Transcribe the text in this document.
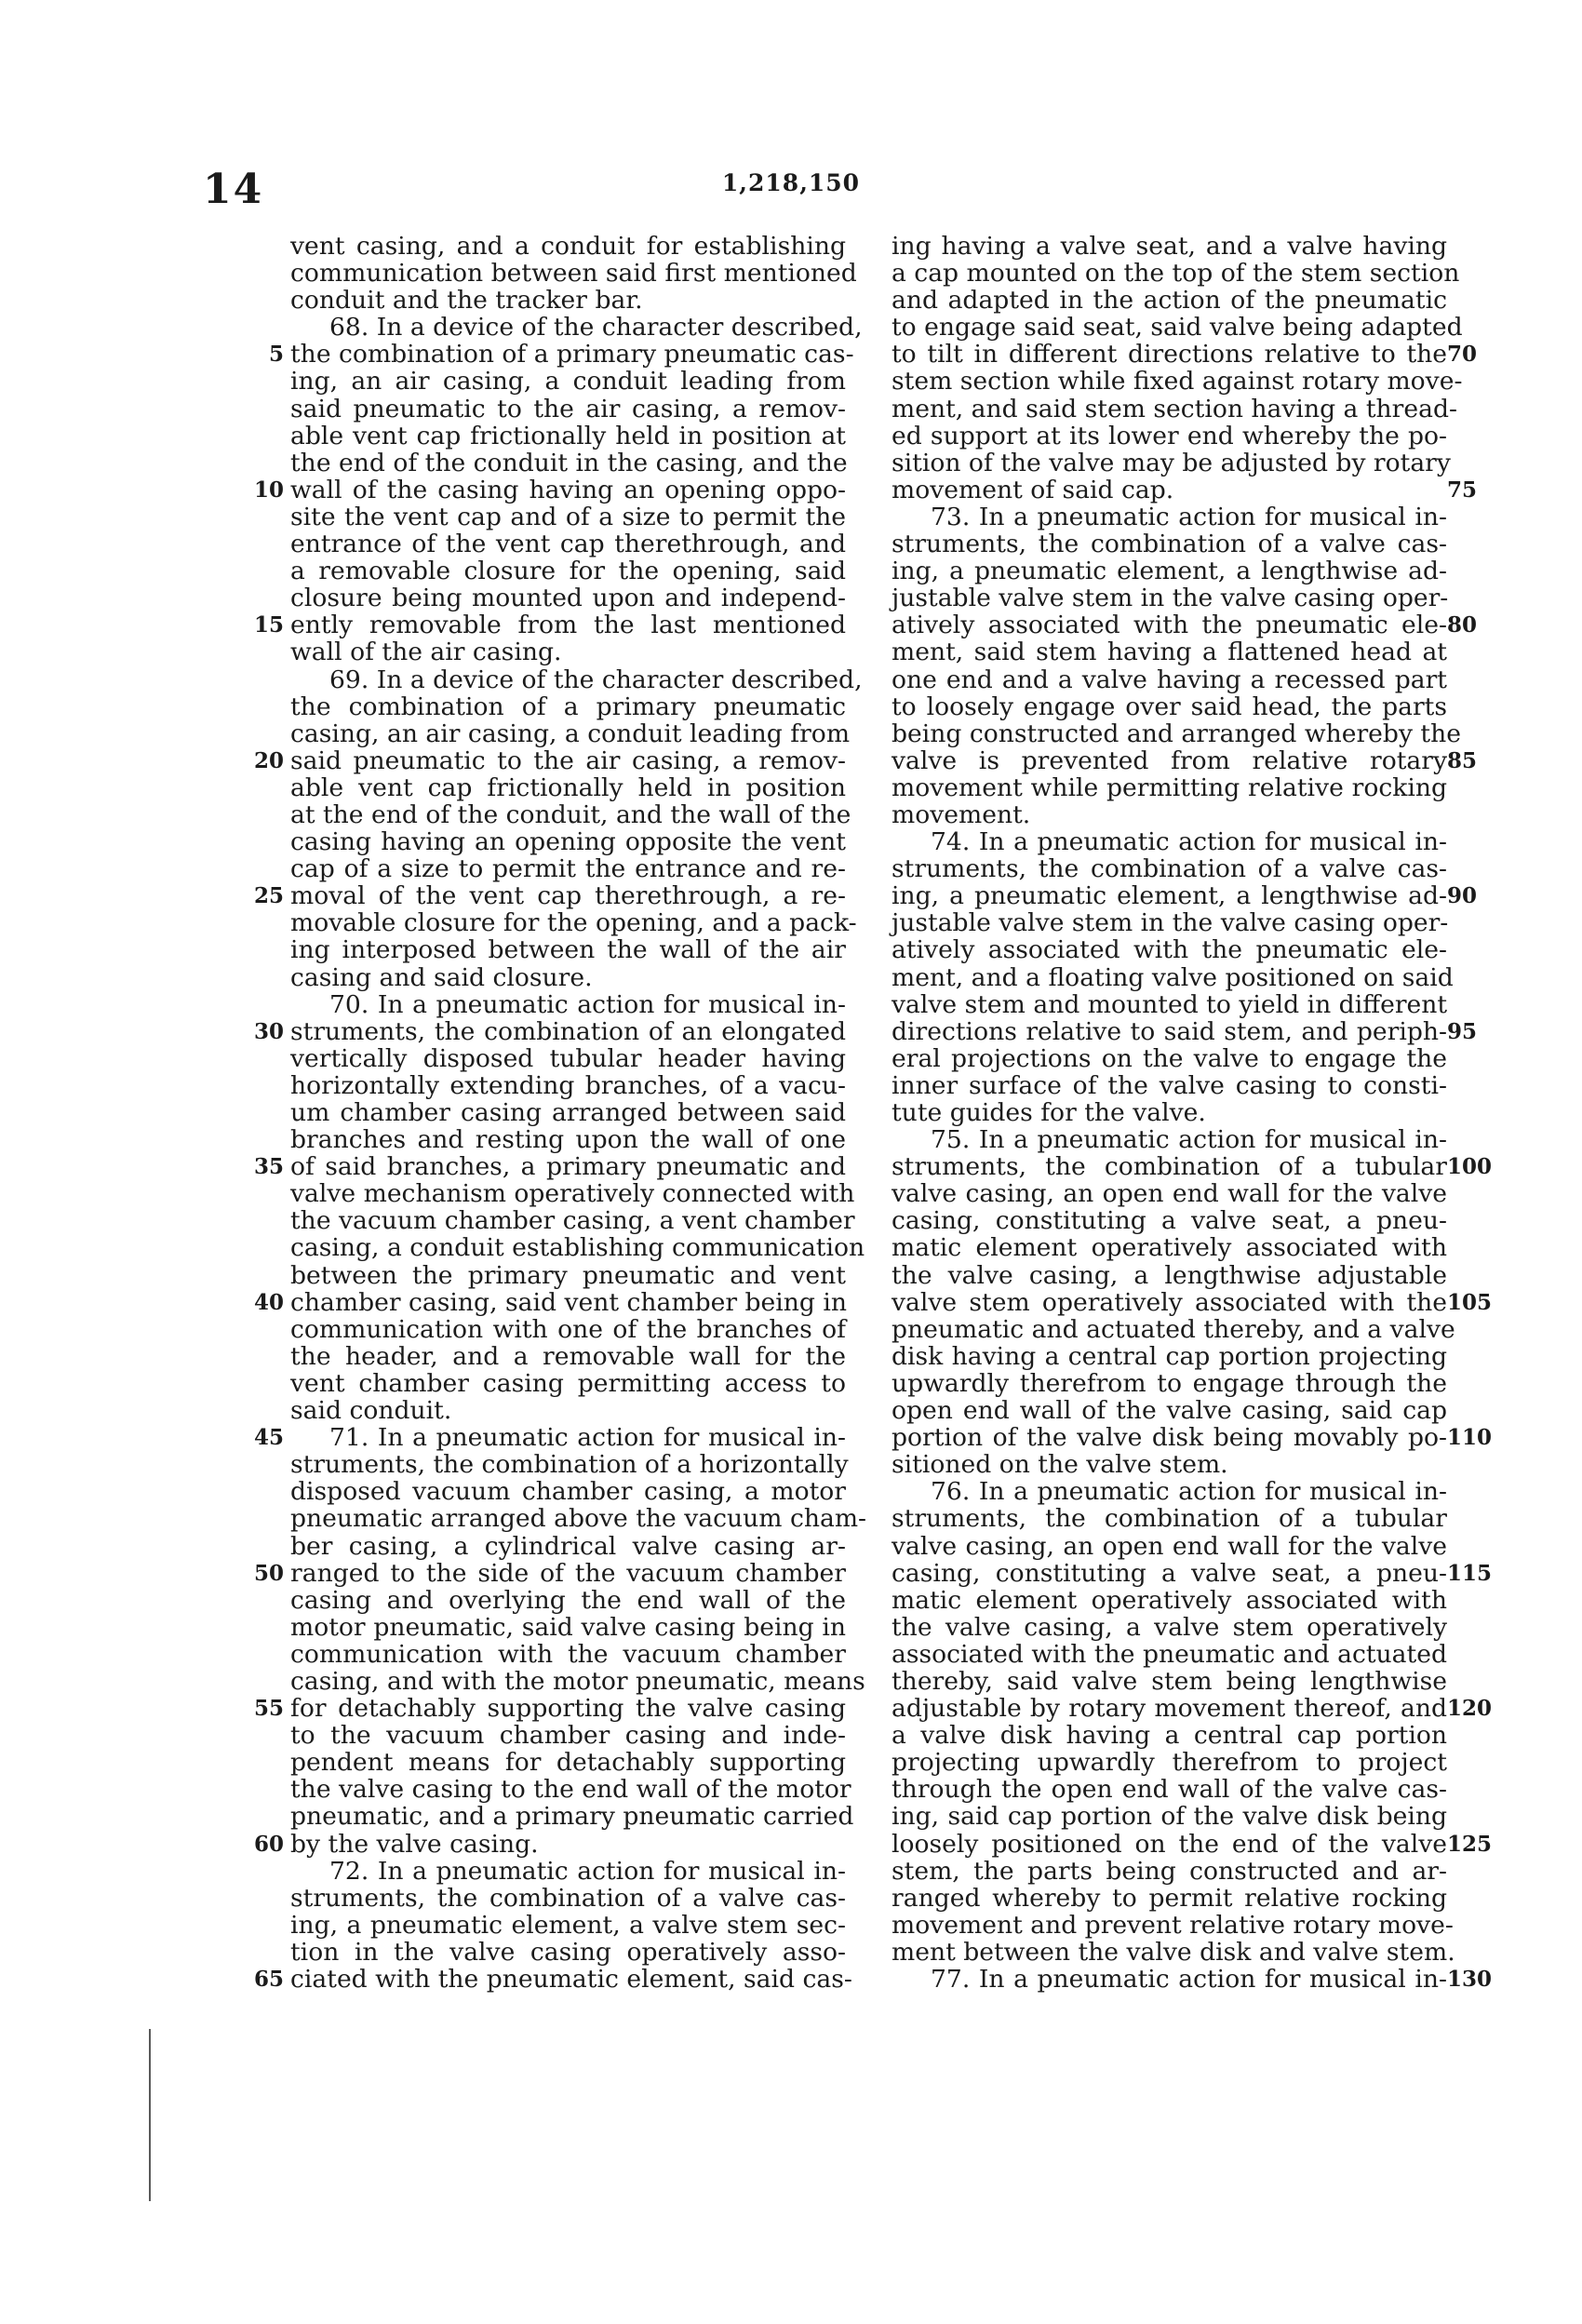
14	1,218,150
vent casing, and a conduit for establishing
communication between said first mentioned
conduit and the tracker bar.
68. In a device of the character described,
the combination of a primary pneumatic cas-
ing, an air casing, a conduit leading from
said pneumatic to the air casing, a remov-
able vent cap frictionally held in position at
the end of the conduit in the casing, and the
wall of the casing having an opening oppo-
site the vent cap and of a size to permit the
entrance of the vent cap therethrough, and
a removable closure for the opening, said
closure being mounted upon and independ-
ently removable from the last mentioned
wall of the air casing.
69. In a device of the character described,
the combination of a primary pneumatic
casing, an air casing, a conduit leading from
said pneumatic to the air casing, a remov-
able vent cap frictionally held in position
at the end of the conduit, and the wall of the
casing having an opening opposite the vent
cap of a size to permit the entrance and re-
moval of the vent cap therethrough, a re-
movable closure for the opening, and a pack-
ing interposed between the wall of the air
casing and said closure.
70. In a pneumatic action for musical in-
struments, the combination of an elongated
vertically disposed tubular header having
horizontally extending branches, of a vacu-
um chamber casing arranged between said
branches and resting upon the wall of one
of said branches, a primary pneumatic and
valve mechanism operatively connected with
the vacuum chamber casing, a vent chamber
casing, a conduit establishing communication
between the primary pneumatic and vent
chamber casing, said vent chamber being in
communication with one of the branches of
the header, and a removable wall for the
vent chamber casing permitting access to
said conduit.
71. In a pneumatic action for musical in-
struments, the combination of a horizontally
disposed vacuum chamber casing, a motor
pneumatic arranged above the vacuum cham-
ber casing, a cylindrical valve casing ar-
ranged to the side of the vacuum chamber
casing and overlying the end wall of the
motor pneumatic, said valve casing being in
communication with the vacuum chamber
casing, and with the motor pneumatic, means
for detachably supporting the valve casing
to the vacuum chamber casing and inde-
pendent means for detachably supporting
the valve casing to the end wall of the motor
pneumatic, and a primary pneumatic carried
by the valve casing.
72. In a pneumatic action for musical in-
struments, the combination of a valve cas-
ing, a pneumatic element, a valve stem sec-
tion in the valve casing operatively asso-
ciated with the pneumatic element, said cas-
ing having a valve seat, and a valve having
a cap mounted on the top of the stem section
and adapted in the action of the pneumatic
to engage said seat, said valve being adapted
to tilt in different directions relative to the
stem section while fixed against rotary move-
ment, and said stem section having a thread-
ed support at its lower end whereby the po-
sition of the valve may be adjusted by rotary
movement of said cap.
73. In a pneumatic action for musical in-
struments, the combination of a valve cas-
ing, a pneumatic element, a lengthwise ad-
justable valve stem in the valve casing oper-
atively associated with the pneumatic ele-
ment, said stem having a flattened head at
one end and a valve having a recessed part
to loosely engage over said head, the parts
being constructed and arranged whereby the
valve is prevented from relative rotary
movement while permitting relative rocking
movement.
74. In a pneumatic action for musical in-
struments, the combination of a valve cas-
ing, a pneumatic element, a lengthwise ad-
justable valve stem in the valve casing oper-
atively associated with the pneumatic ele-
ment, and a floating valve positioned on said
valve stem and mounted to yield in different
directions relative to said stem, and periph-
eral projections on the valve to engage the
inner surface of the valve casing to consti-
tute guides for the valve.
75. In a pneumatic action for musical in-
struments, the combination of a tubular
valve casing, an open end wall for the valve
casing, constituting a valve seat, a pneu-
matic element operatively associated with
the valve casing, a lengthwise adjustable
valve stem operatively associated with the
pneumatic and actuated thereby, and a valve
disk having a central cap portion projecting
upwardly therefrom to engage through the
open end wall of the valve casing, said cap
portion of the valve disk being movably po-
sitioned on the valve stem.
76. In a pneumatic action for musical in-
struments, the combination of a tubular
valve casing, an open end wall for the valve
casing, constituting a valve seat, a pneu-
matic element operatively associated with
the valve casing, a valve stem operatively
associated with the pneumatic and actuated
thereby, said valve stem being lengthwise
adjustable by rotary movement thereof, and
a valve disk having a central cap portion
projecting upwardly therefrom to project
through the open end wall of the valve cas-
ing, said cap portion of the valve disk being
loosely positioned on the end of the valve
stem, the parts being constructed and ar-
ranged whereby to permit relative rocking
movement and prevent relative rotary move-
ment between the valve disk and valve stem.
77. In a pneumatic action for musical in-
5
10
15
20
25
30
35
40
45
50
55
60
65
70
75
80
85
90
95
100
105
110
115
120
125
130
